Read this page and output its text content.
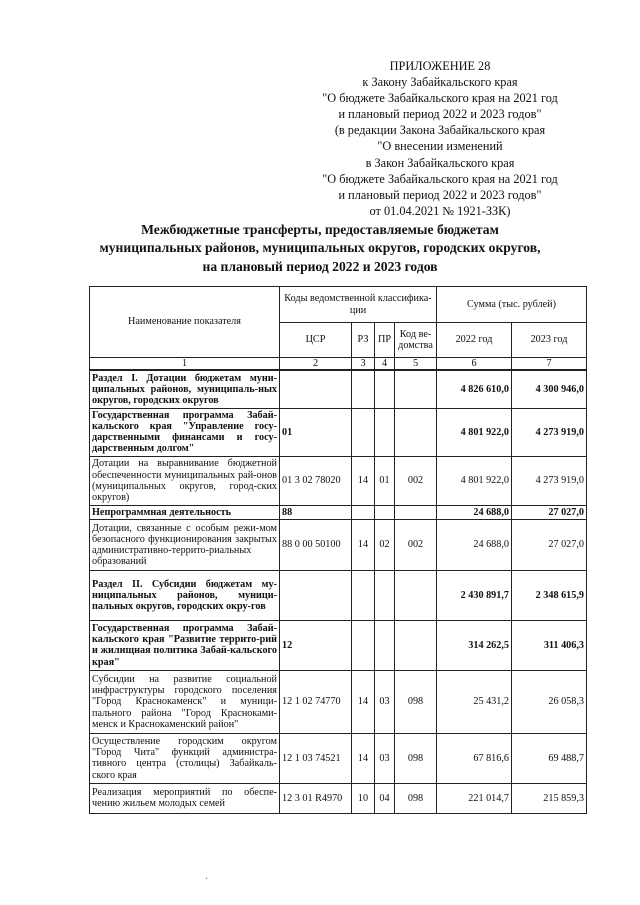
ПРИЛОЖЕНИЕ 28
к Закону Забайкальского края
"О бюджете Забайкальского края на 2021 год
и плановый период 2022 и 2023 годов"
(в редакции Закона Забайкальского края
"О внесении изменений
в Закон Забайкальского края
"О бюджете Забайкальского края на 2021 год
и плановый период 2022 и 2023 годов"
от 01.04.2021 № 1921-ЗЗК)
Межбюджетные трансферты, предоставляемые бюджетам
муниципальных районов, муниципальных округов, городских округов,
на плановый период 2022 и 2023 годов
Наименование показателя	Коды ведомственной классифика-ции				Сумма (тыс. рублей)	
	ЦСР	РЗ	ПР	Код ве-домства	2022 год	2023 год
1	2	3	4	5	6	7
Раздел I. Дотации бюджетам муни-ципальных районов, муниципаль-ных округов, городских округов					4 826 610,0	4 300 946,0
Государственная программа Забай-кальского края "Управление госу-дарственными финансами и госу-дарственным долгом"	01				4 801 922,0	4 273 919,0
Дотации на выравнивание бюджетной обеспеченности муниципальных рай-онов (муниципальных округов, город-ских округов)	01 3 02 78020	14	01	002	4 801 922,0	4 273 919,0
Непрограммная деятельность	88				24 688,0	27 027,0
Дотации, связанные с особым режи-мом безопасного функционирования закрытых административно-террито-риальных образований	88 0 00 50100	14	02	002	24 688,0	27 027,0
Раздел II. Субсидии бюджетам му-ниципальных районов, муници-пальных округов, городских окру-гов					2 430 891,7	2 348 615,9
Государственная программа Забай-кальского края "Развитие террито-рий и жилищная политика Забай-кальского края"	12				314 262,5	311 406,3
Субсидии на развитие социальной инфраструктуры городского поселения "Город Краснокаменск" и муници-пального района "Город Красноками-менск и Краснокаменский район"	12 1 02 74770	14	03	098	25 431,2	26 058,3
Осуществление городским округом "Город Чита" функций администра-тивного центра (столицы) Забайкаль-ского края	12 1 03 74521	14	03	098	67 816,6	69 488,7
Реализация мероприятий по обеспе-чению жильем молодых семей	12 3 01 R4970	10	04	098	221 014,7	215 859,3
·
